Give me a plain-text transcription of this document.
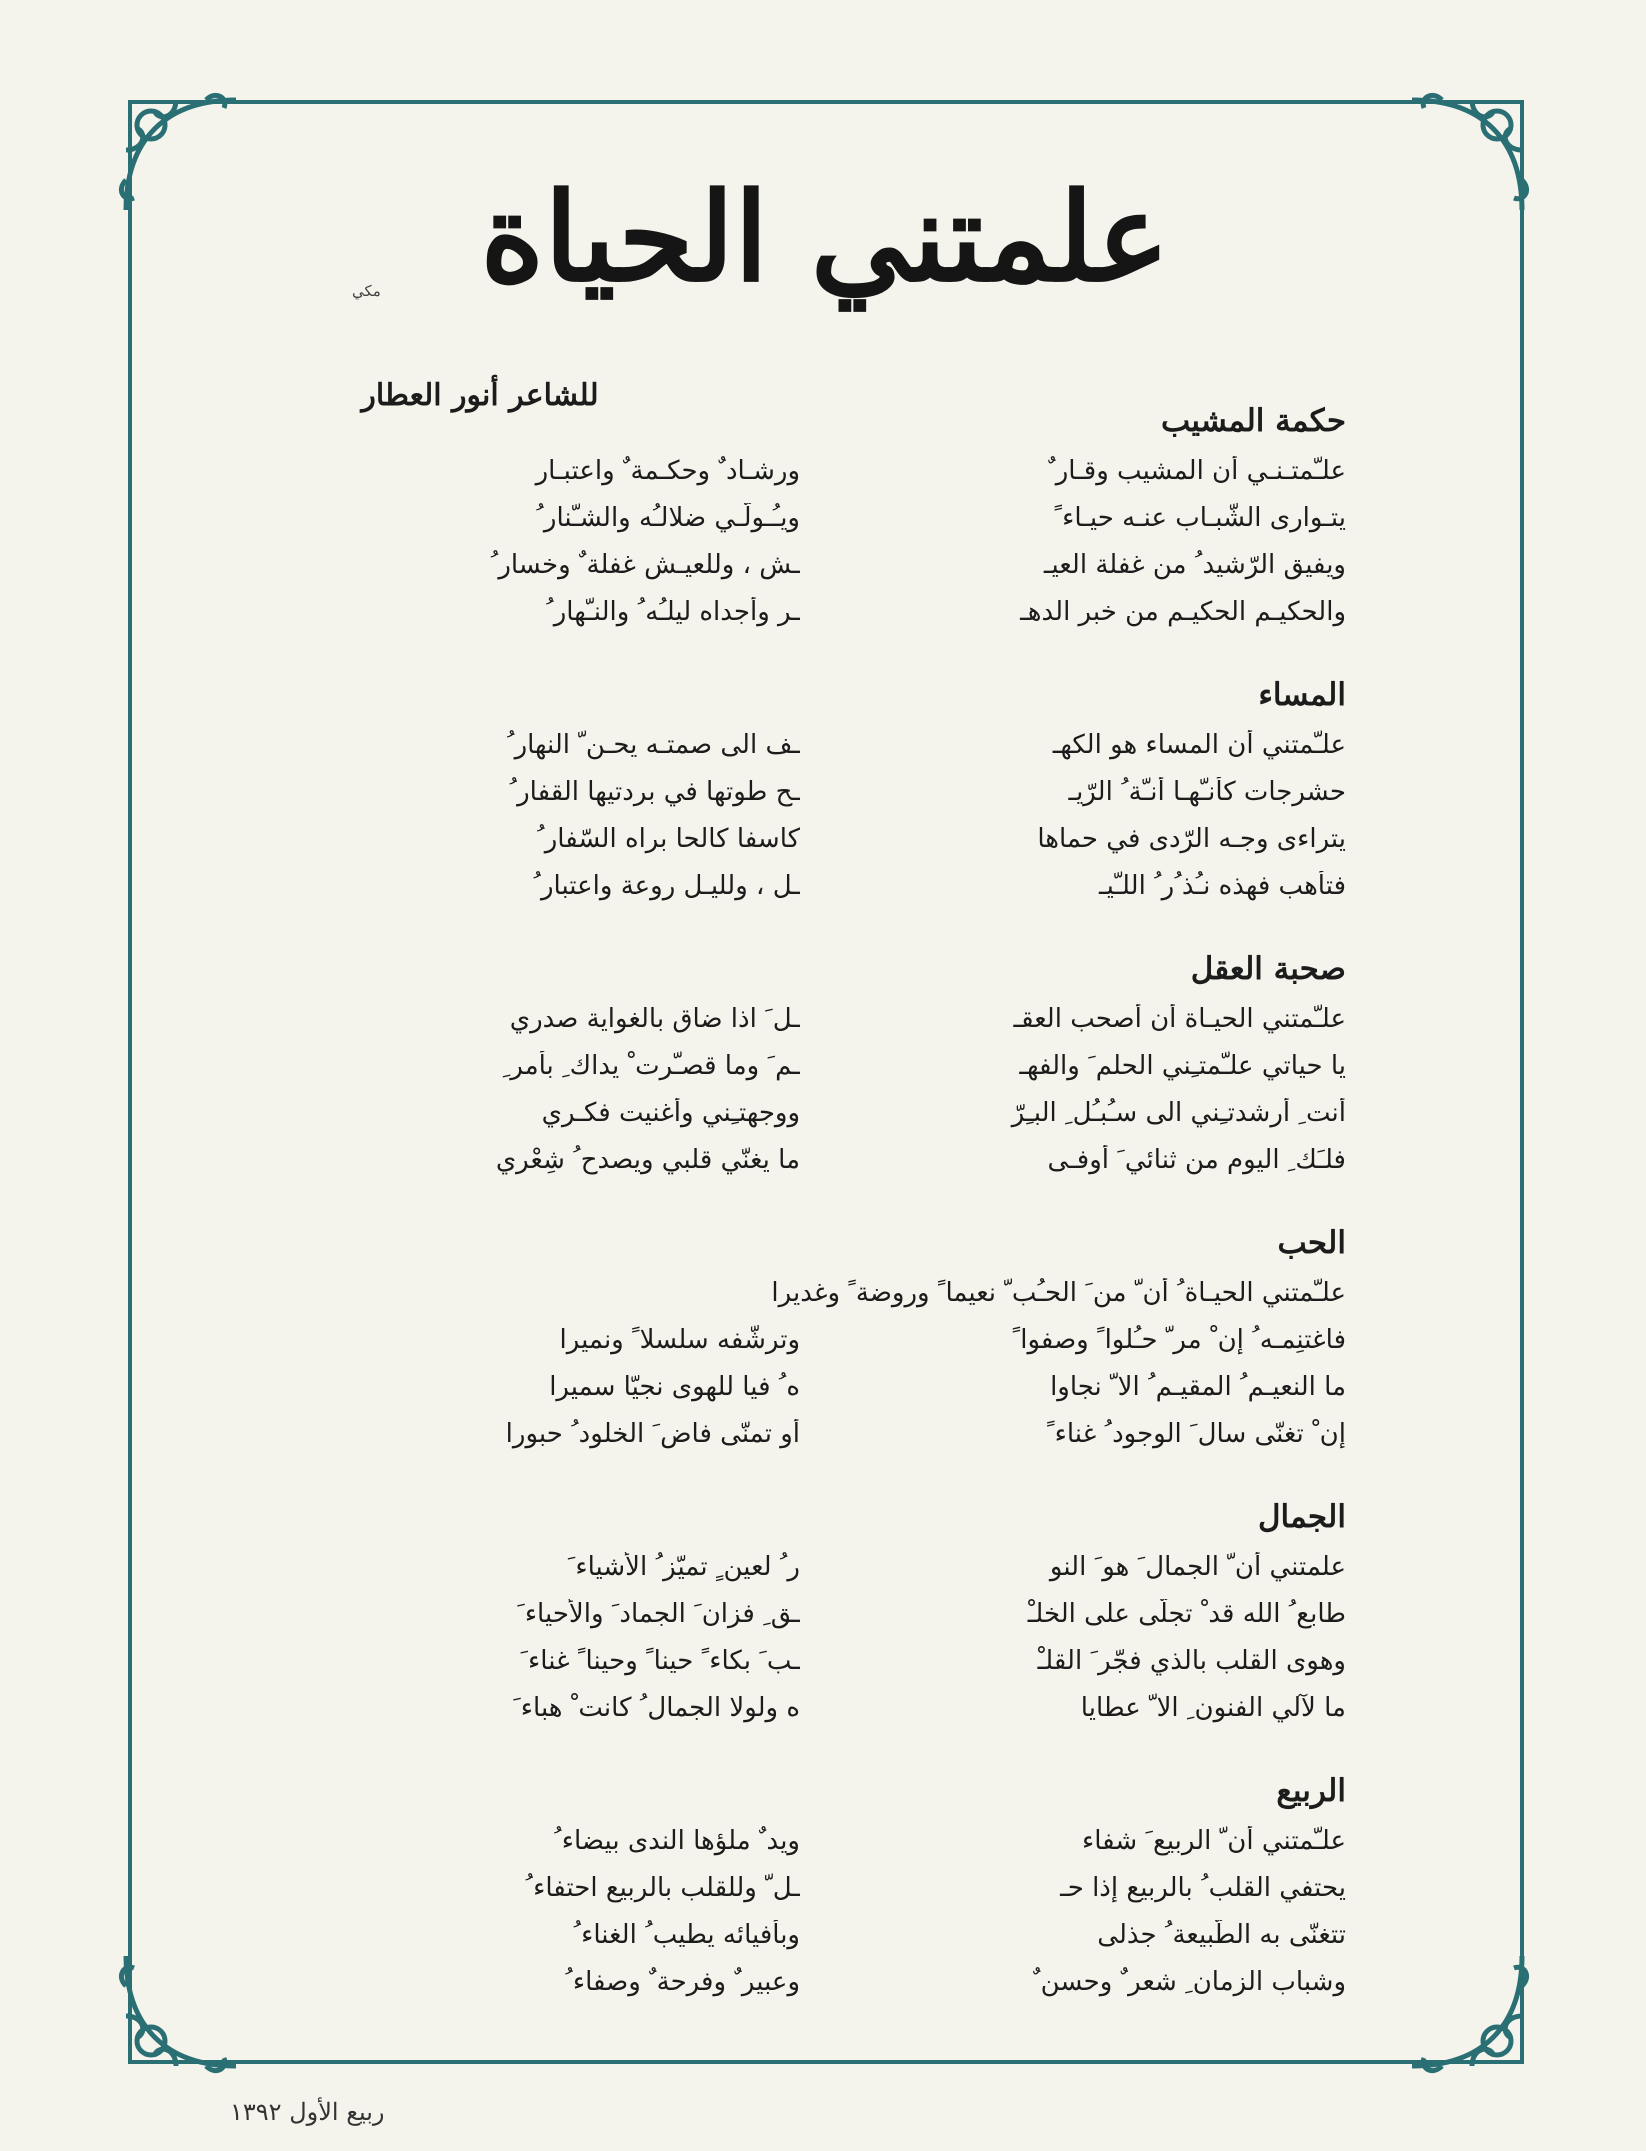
علمتني الحياة
مكي
للشاعر أنور العطار
حكمة المشيب
علـّمتـنـي أن المشيب وقـار ٌ
ورشـاد ٌ وحكـمة ٌ واعتبـار
يتـوارى الشّبـاب عنـه حيـاء ً
ويـُـولّـي ضلالـُه والشـّنار ُ
ويفيق الرّشيد ُ من غفلة العيـ
ـش ، وللعيـش غفلة ٌ وخسار ُ
والحكيـم الحكيـم من خبر الدهـ
ـر وأجداه ليلـُه ُ والنـّهار ُ
المساء
علـّمتني أن المساء هو الكهـ
ـف الى صمتـه يحـن ّ النهار ُ
حشرجات كأنـّهـا أنـّة ُ الرّيـ
ـح طوتها في بردتيها القفار ُ
يتراءى وجـه الرّدى في حماها
كاسفا كالحا براه السّفار ُ
فتأهب فهذه نـُذ ُر ُ اللـّيـ
ـل ، ولليـل روعة واعتبار ُ
صحبة العقل
علـّمتني الحيـاة أن أصحب العقـ
ـل َ اذا ضاق بالغواية صدري
يا حياتي علـّمتـِني الحلم َ والفهـ
ـم َ وما قصـّرت ْ يداك ِ بأمر ِ
أنت ِ أرشدتـِني الى سـُبـُل ِ البـِرّ
ووجهتـِني وأغنيت فكـري
فلـَك ِ اليوم من ثنائي َ أوفـى
ما يغنّي قلبي ويصدح ُ شِعْري
الحب
علـّمتني الحيـاة ُ أن ّ من َ الحـُب ّ نعيما ً وروضة ً وغديرا
فاغتنِمـه ُ إن ْ مر ّ حـُلوا ً وصفوا ً
وترشّفه سلسلا ً ونميرا
ما النعيـم ُ المقيـم ُ الا ّ نجاوا
ه ُ فيا للهوى نجيّا سميرا
إن ْ تغنّى سال َ الوجود ُ غناء ً
أو تمنّى فاض َ الخلود ُ حبورا
الجمال
علمتني أن ّ الجمال َ هو َ النو
ر ُ لعين ٍ تميّز ُ الأشياء َ
طابع ُ الله قد ْ تجلّى على الخلـْ
ـق ِ فزان َ الجماد َ والأحياء َ
وهوى القلب بالذي فجّر َ القلـْ
ـب َ بكاء ً حينا ً وحينا ً غناء َ
ما لآلي الفنون ِ الا ّ عطايا
ه ولولا الجمال ُ كانت ْ هباء َ
الربيع
علـّمتني أن ّ الربيع َ شفاء
ويد ٌ ملؤها الندى بيضاء ُ
يحتفي القلب ُ بالربيع إذا حـ
ـل ّ وللقلب بالربيع احتفاء ُ
تتغنّى به الطّبيعة ُ جذلى
وبأفيائه يطيب ُ الغناء ُ
وشباب الزمان ِ شعر ٌ وحسن ٌ
وعبير ٌ وفرحة ٌ وصفاء ُ
ربيع الأول ١٣٩٢
